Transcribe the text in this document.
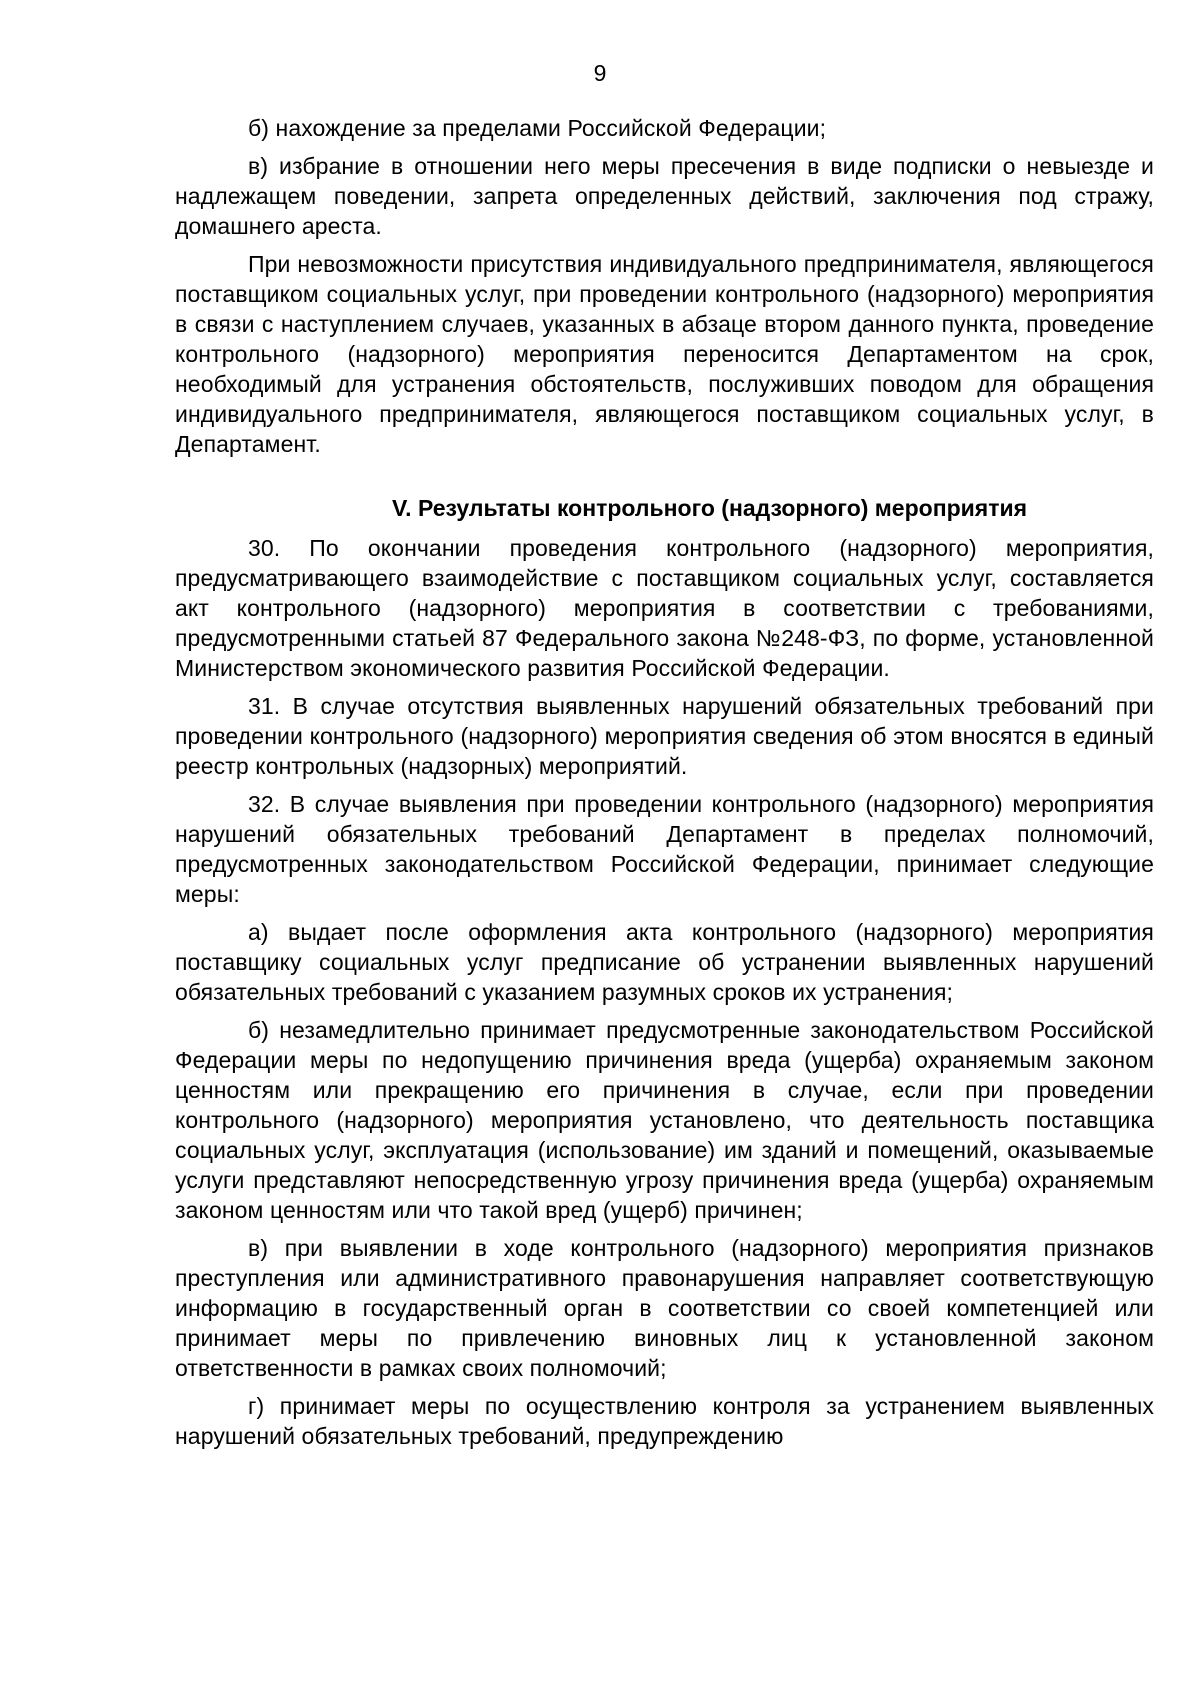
9

б) нахождение за пределами Российской Федерации;

в) избрание в отношении него меры пресечения в виде подписки о невыезде и надлежащем поведении, запрета определенных действий, заключения под стражу, домашнего ареста.

При невозможности присутствия индивидуального предпринимателя, являющегося поставщиком социальных услуг, при проведении контрольного (надзорного) мероприятия в связи с наступлением случаев, указанных в абзаце втором данного пункта, проведение контрольного (надзорного) мероприятия переносится Департаментом на срок, необходимый для устранения обстоятельств, послуживших поводом для обращения индивидуального предпринимателя, являющегося поставщиком социальных услуг, в Департамент.

V. Результаты контрольного (надзорного) мероприятия

30. По окончании проведения контрольного (надзорного) мероприятия, предусматривающего взаимодействие с поставщиком социальных услуг, составляется акт контрольного (надзорного) мероприятия в соответствии с требованиями, предусмотренными статьей 87 Федерального закона №248-ФЗ, по форме, установленной Министерством экономического развития Российской Федерации.

31. В случае отсутствия выявленных нарушений обязательных требований при проведении контрольного (надзорного) мероприятия сведения об этом вносятся в единый реестр контрольных (надзорных) мероприятий.

32. В случае выявления при проведении контрольного (надзорного) мероприятия нарушений обязательных требований Департамент в пределах полномочий, предусмотренных законодательством Российской Федерации, принимает следующие меры:

а) выдает после оформления акта контрольного (надзорного) мероприятия поставщику социальных услуг предписание об устранении выявленных нарушений обязательных требований с указанием разумных сроков их устранения;

б) незамедлительно принимает предусмотренные законодательством Российской Федерации меры по недопущению причинения вреда (ущерба) охраняемым законом ценностям или прекращению его причинения в случае, если при проведении контрольного (надзорного) мероприятия установлено, что деятельность поставщика социальных услуг, эксплуатация (использование) им зданий и помещений, оказываемые услуги представляют непосредственную угрозу причинения вреда (ущерба) охраняемым законом ценностям или что такой вред (ущерб) причинен;

в) при выявлении в ходе контрольного (надзорного) мероприятия признаков преступления или административного правонарушения направляет соответствующую информацию в государственный орган в соответствии со своей компетенцией или принимает меры по привлечению виновных лиц к установленной законом ответственности в рамках своих полномочий;

г) принимает меры по осуществлению контроля за устранением выявленных нарушений обязательных требований, предупреждению
